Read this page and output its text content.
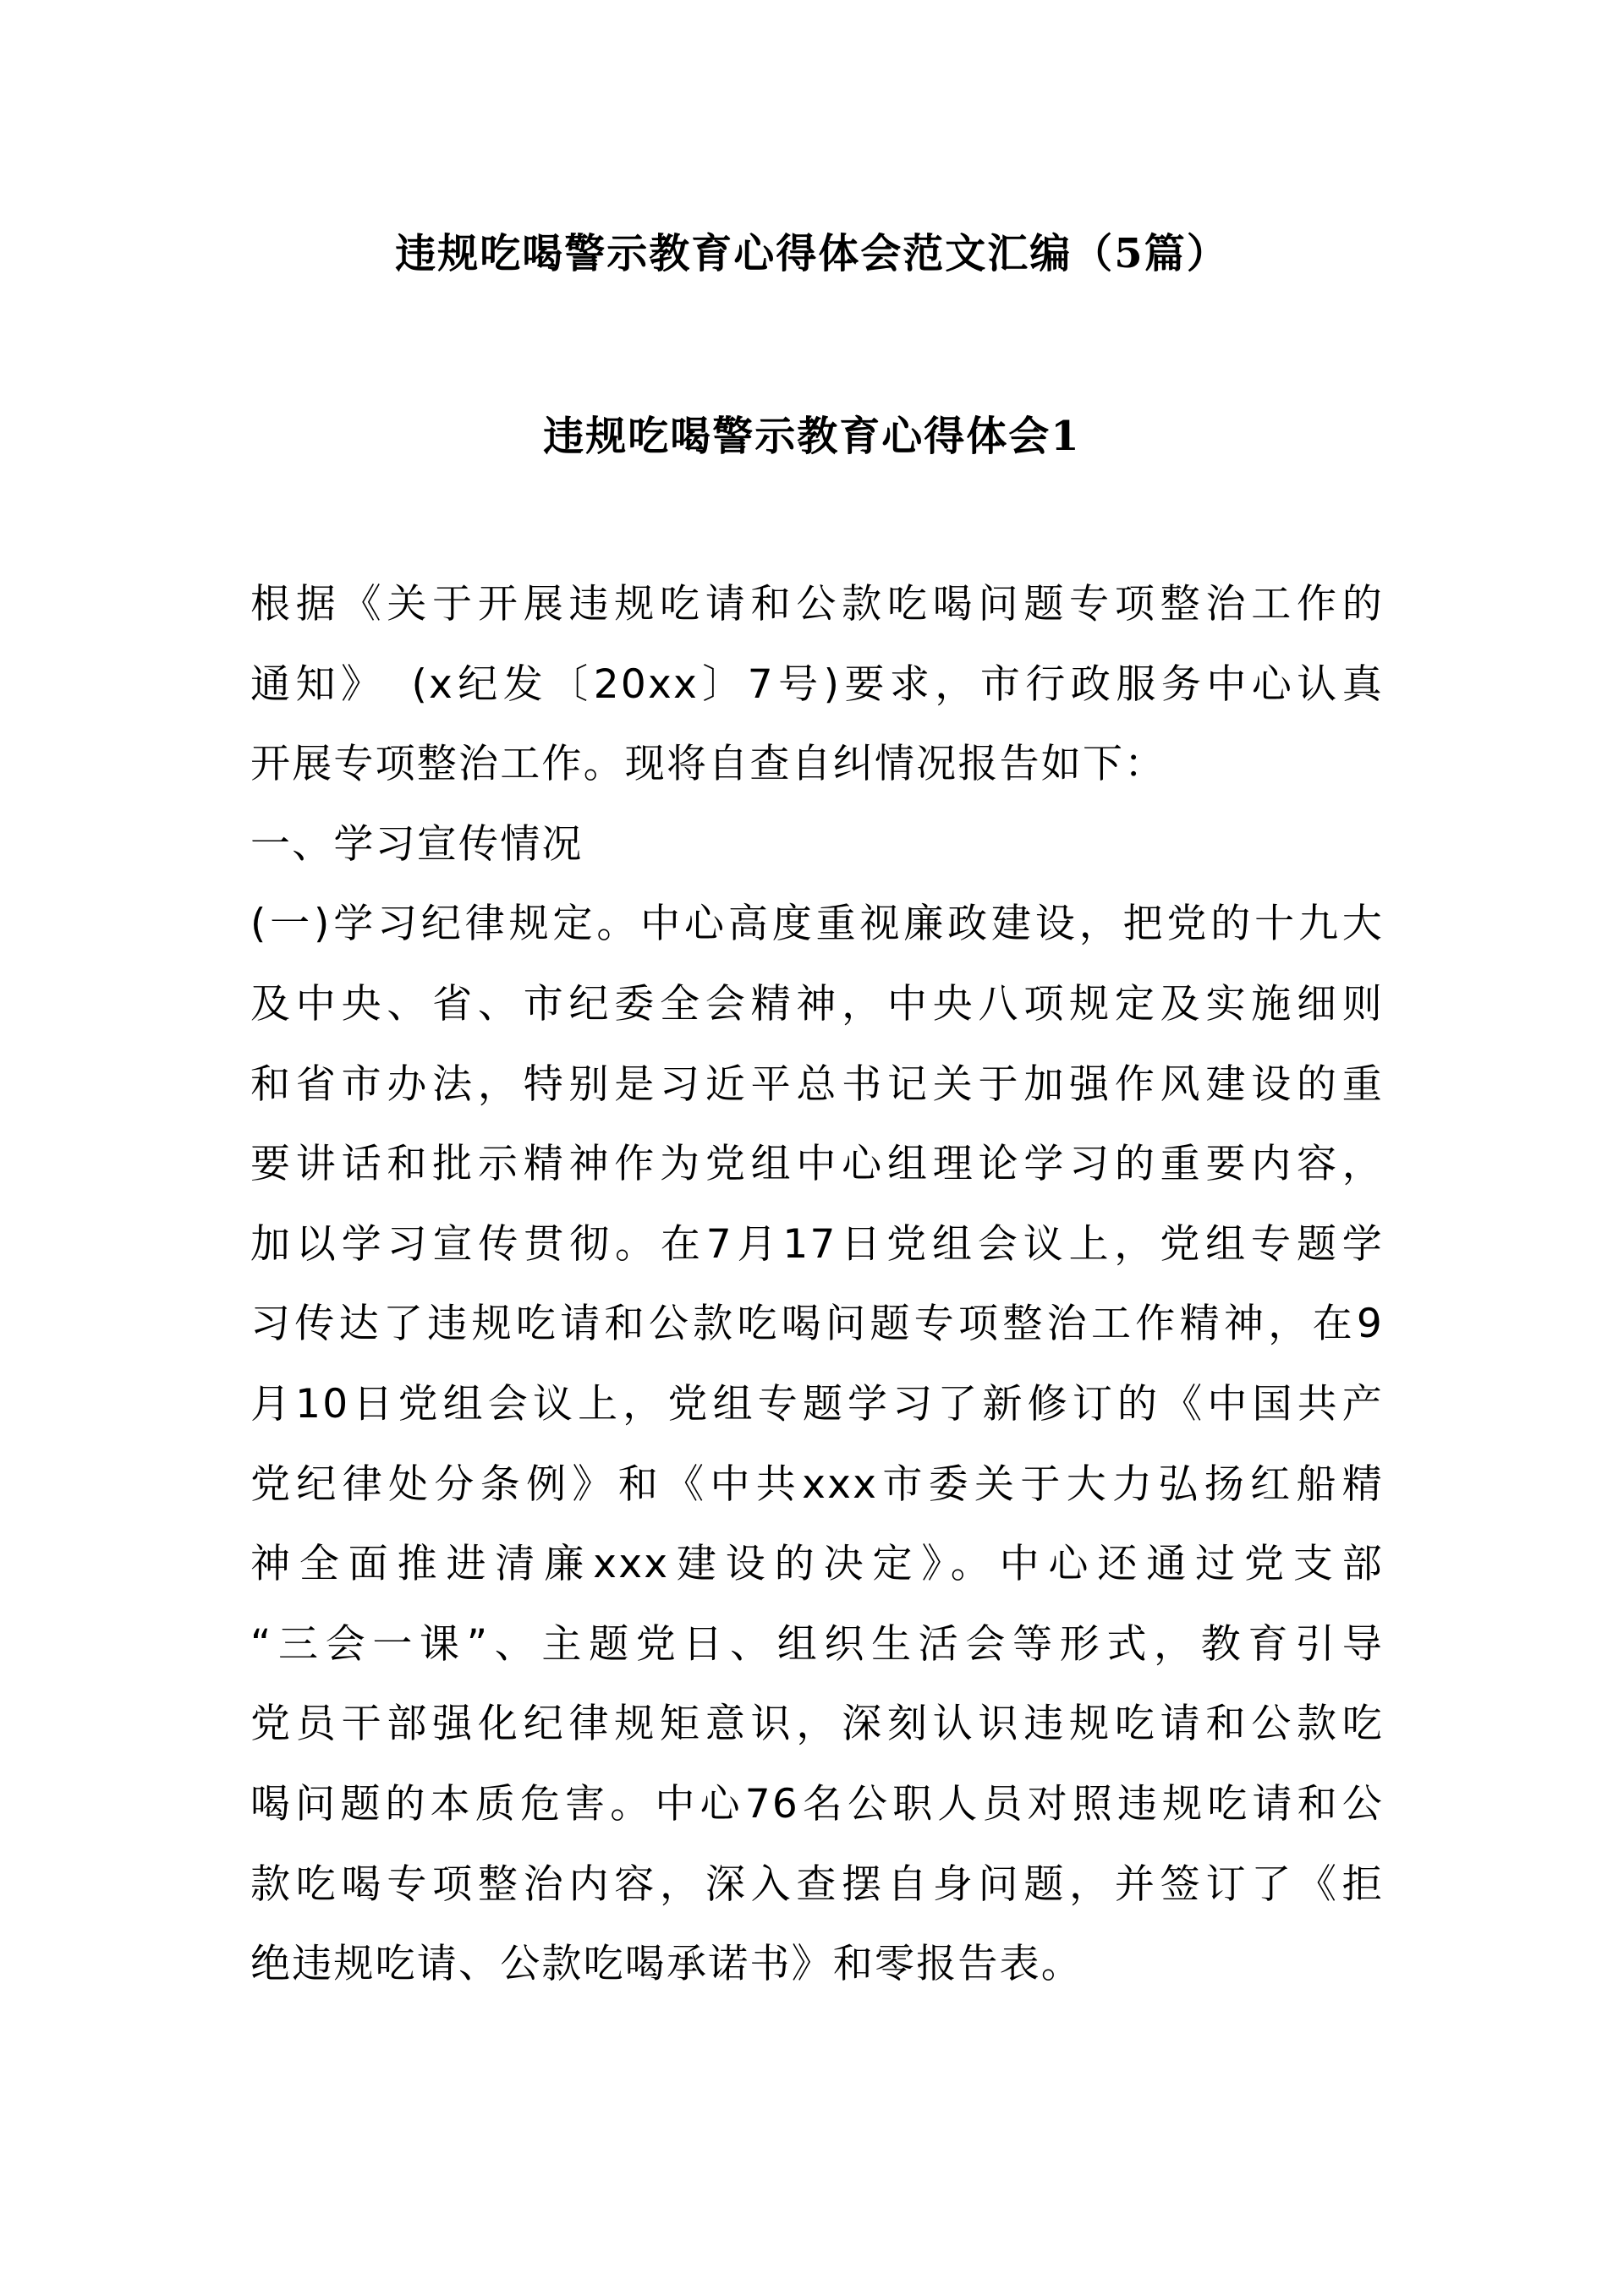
违规吃喝警示教育心得体会范文汇编（5篇）
违规吃喝警示教育心得体会1
根据《关于开展违规吃请和公款吃喝问题专项整治工作的
通知》　(x纪发〔20xx〕7号)要求，市行政服务中心认真
开展专项整治工作。现将自查自纠情况报告如下：
一、学习宣传情况
(一)学习纪律规定。中心高度重视廉政建设，把党的十九大
及中央、省、市纪委全会精神，中央八项规定及实施细则
和省市办法，特别是习近平总书记关于加强作风建设的重
要讲话和批示精神作为党组中心组理论学习的重要内容，
加以学习宣传贯彻。在7月17日党组会议上，党组专题学
习传达了违规吃请和公款吃喝问题专项整治工作精神，在9
月10日党组会议上，党组专题学习了新修订的《中国共产
党纪律处分条例》和《中共xxx市委关于大力弘扬红船精
神全面推进清廉xxx建设的决定》。中心还通过党支部
“三会一课”、主题党日、组织生活会等形式，教育引导
党员干部强化纪律规矩意识，深刻认识违规吃请和公款吃
喝问题的本质危害。中心76名公职人员对照违规吃请和公
款吃喝专项整治内容，深入查摆自身问题，并签订了《拒
绝违规吃请、公款吃喝承诺书》和零报告表。
